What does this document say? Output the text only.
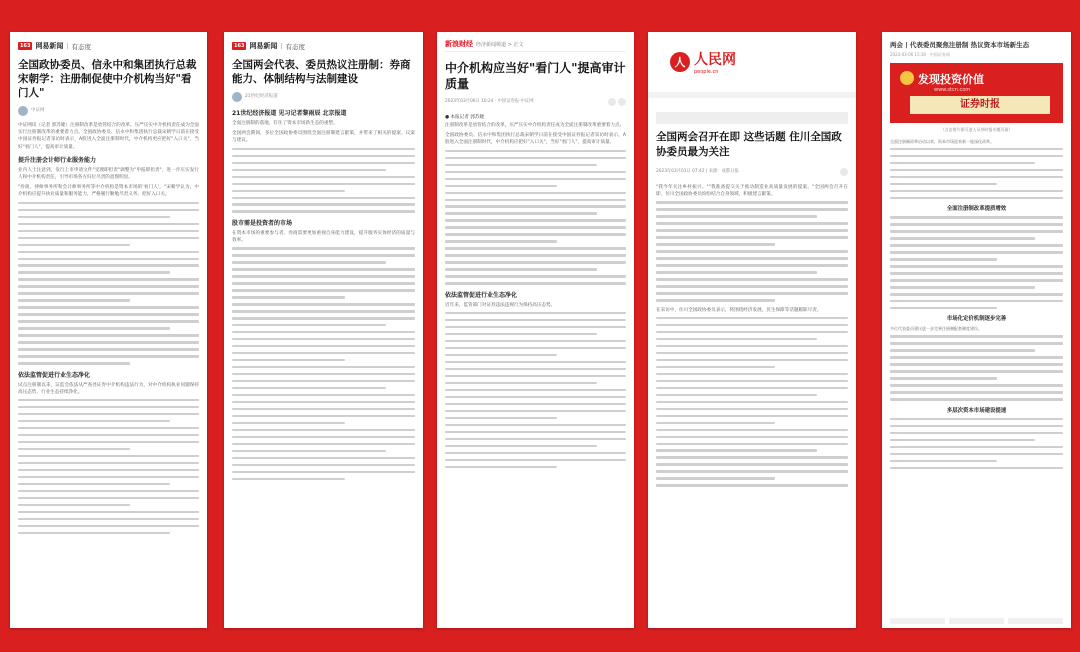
163 网易新闻 | 有态度
全国政协委员、信永中和集团执行总裁宋朝学：注册制促使中介机构当好"看门人"
中证网
中证网讯（记者 郭苏婕）注册制改革是放管结合的改革。压严压实中介机构责任成为全面实行注册制改革的重要着力点。全国政协委员、信永中和集团执行总裁宋朝学日前在接受中国证券报记者采访时表示，A股进入全面注册制时代，中介机构更应把好"入口关"，当好"看门人"，提高审计质量。
提升注册会计师行业服务能力
业内人士注意到，发行上市申请文件"受理即担责"调整为"申报即担责"，进一步压实发行人和中介机构责任，引导市场各方归位尽责的意图明显。
"券商、律师事务所和会计师事务所等中介机构是资本市场的'看门人'。"宋朝学认为，中介机构应提升执业质量和服务能力，严格履行勤勉尽责义务，把好入口关。
依法监管促进行业生态净化
试点注册制以来，证监会依法从严查处证券中介机构违法行为，对中介机构执业问题保持高压态势，行业生态持续净化。
163 网易新闻 | 有态度
全国两会代表、委员热议注册制：券商能力、体制结构与法制建设
21世纪经济报道
21世纪经济报道 见习记者黎雨辰 北京报道
全面注册制的落地，钉住了资本市场新生态的重塑。
全国两会期间，多位全国政协委员围绕全面注册制建言献策，并带来了相关的提案、议案与建议。
股市需是投资者的市场
在资本市场的重要参与者，券商需要更加重视自身能力建设，提升服务实体经济的质量与效率。
新浪财经 经济新闻频道 > 正文
中介机构应当好"看门人"提高审计质量
2023年03月06日 10:24 · 中国证券报-中证网
● 本报记者 郭苏婕
注册制改革是放管结合的改革。压严压实中介机构责任成为全面注册制改革重要着力点。
全国政协委员、信永中和集团执行总裁宋朝学日前在接受中国证券报记者采访时表示，A股进入全面注册制时代，中介机构应把好"入口关"，当好"看门人"，提高审计质量。
依法监管促进行业生态净化
近年来，监管部门对证券违法违规行为保持高压态势。
人 人民网
people.cn
全国两会召开在即 这些话题 住川全国政协委员最为关注
2023年03月01日 07:42 | 来源：成都日报
"我今年关注乡村振兴。""我准备提交关于推动制造业高质量发展的提案。"全国两会召开在即，住川全国政协委员纷纷结合自身领域，积极建言献策。
在采访中，住川全国政协委员表示，将围绕经济发展、民生保障等话题履职尽责。
两会 | 代表委员聚焦注册制 热议资本市场新生态
2023-03-06 15:30 · 中国证券网
发现投资价值
www.stcn.com
证券时报
（点击图片即可进入证券时报专题页面）
全面注册制改革启动以来，资本市场迎来新一轮深化改革。
全面注册制改革提质增效
市场化定价机制逐步完善
多位代表委员建议进一步完善注册制配套制度建设。
多层次资本市场建设提速
